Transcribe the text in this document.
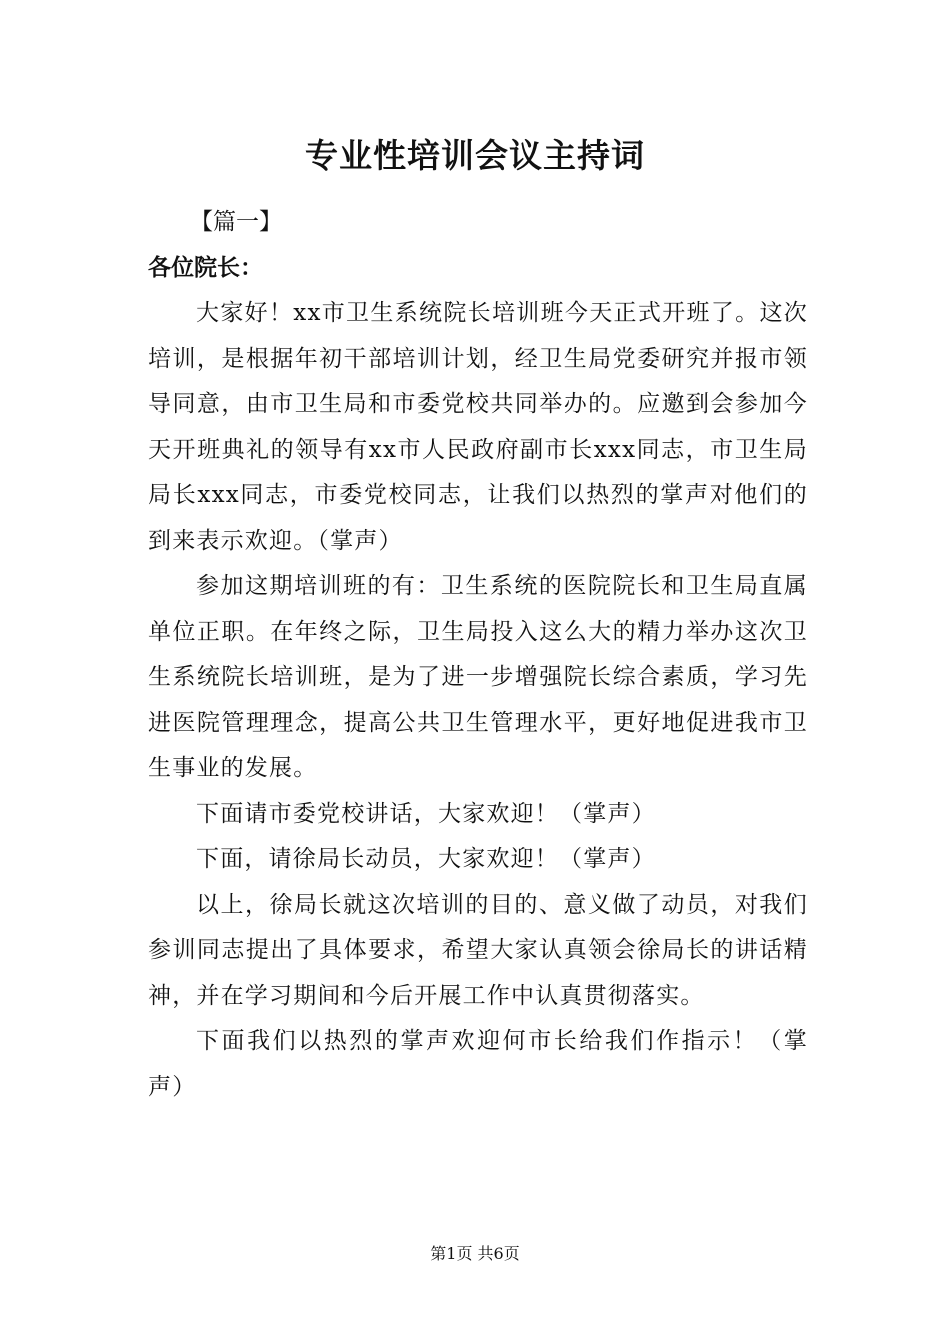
专业性培训会议主持词
【篇一】
各位院长：

大家好！xx市卫生系统院长培训班今天正式开班了。这次培训，是根据年初干部培训计划，经卫生局党委研究并报市领导同意，由市卫生局和市委党校共同举办的。应邀到会参加今天开班典礼的领导有xx市人民政府副市长xxx同志，市卫生局局长xxx同志，市委党校同志，让我们以热烈的掌声对他们的到来表示欢迎。（掌声）

参加这期培训班的有：卫生系统的医院院长和卫生局直属单位正职。在年终之际，卫生局投入这么大的精力举办这次卫生系统院长培训班，是为了进一步增强院长综合素质，学习先进医院管理理念，提高公共卫生管理水平，更好地促进我市卫生事业的发展。

下面请市委党校讲话，大家欢迎！（掌声）

下面，请徐局长动员，大家欢迎！（掌声）

以上，徐局长就这次培训的目的、意义做了动员，对我们参训同志提出了具体要求，希望大家认真领会徐局长的讲话精神，并在学习期间和今后开展工作中认真贯彻落实。

下面我们以热烈的掌声欢迎何市长给我们作指示！（掌声）

第1页 共6页
